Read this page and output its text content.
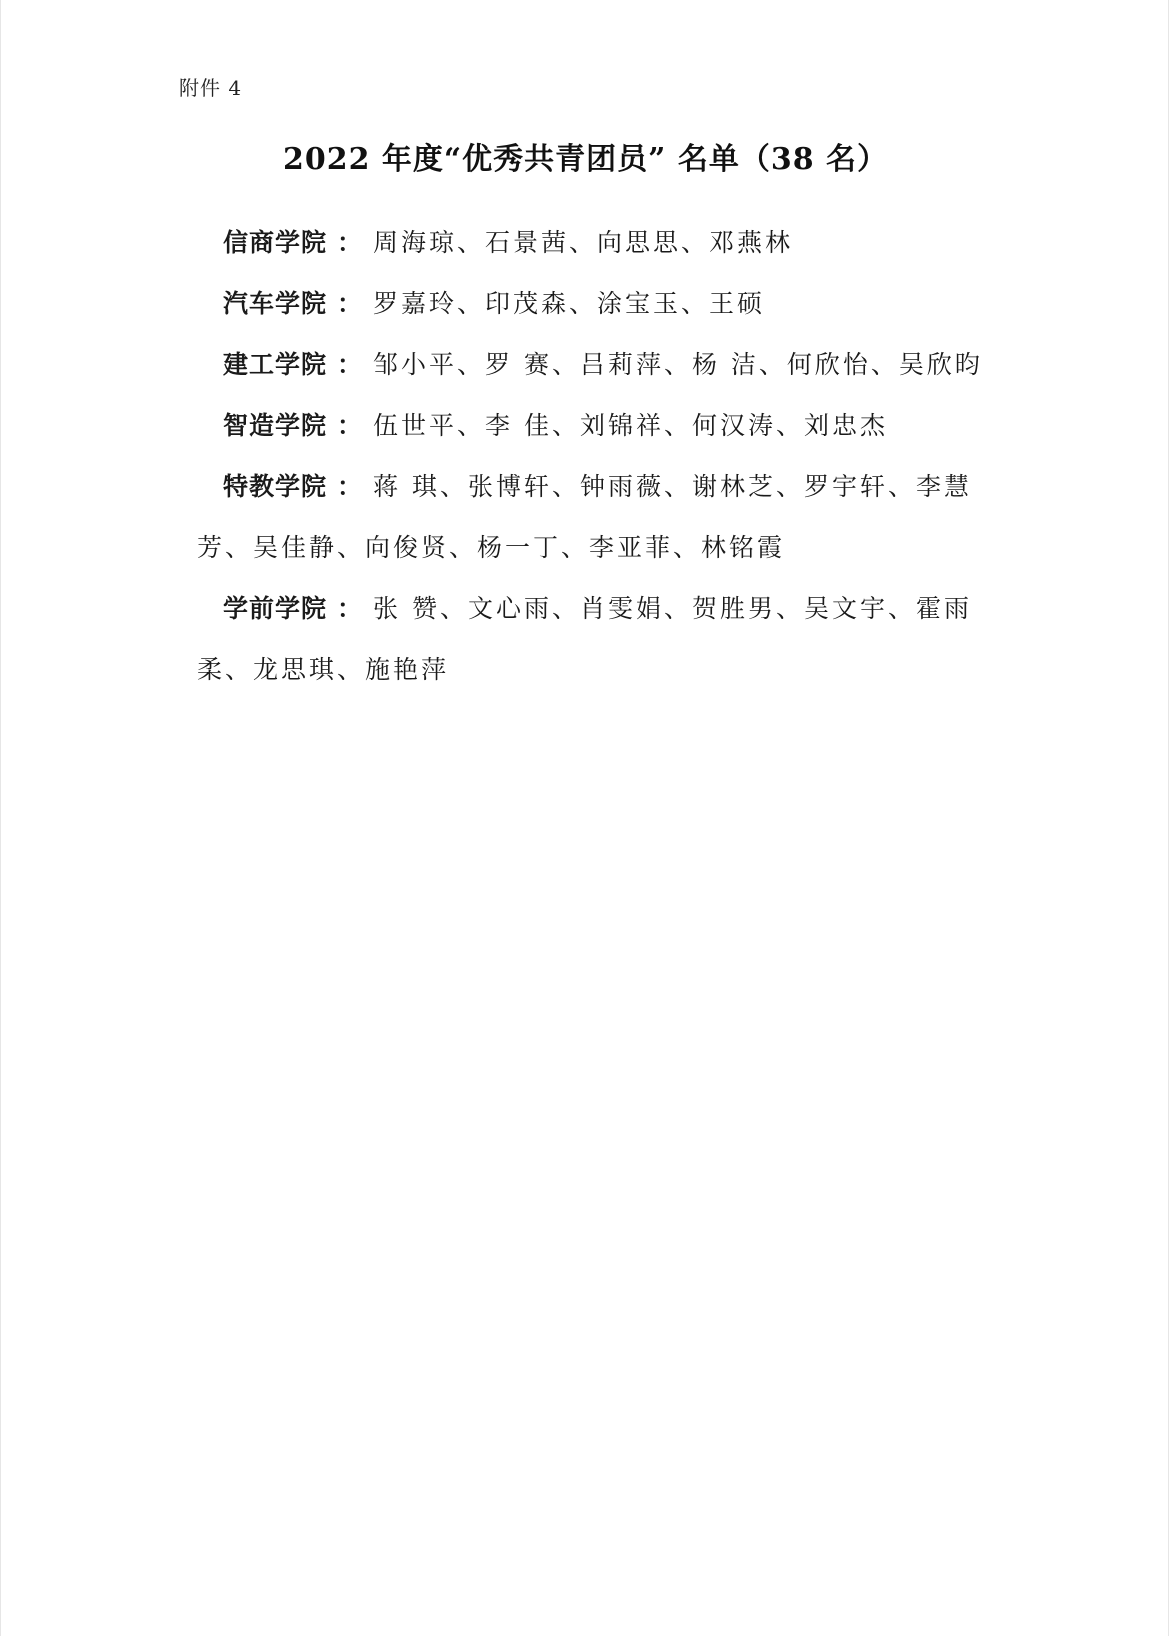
附件 4
2022 年度“优秀共青团员” 名单（38 名）
信商学院 ： 周海琼、石景茜、向思思、邓燕林
汽车学院 ： 罗嘉玲、印茂森、涂宝玉、王硕
建工学院 ： 邹小平、罗 赛、吕莉萍、杨 洁、何欣怡、吴欣昀
智造学院 ： 伍世平、李 佳、刘锦祥、何汉涛、刘忠杰
特教学院 ： 蒋 琪、张博轩、钟雨薇、谢林芝、罗宇轩、李慧芳、吴佳静、向俊贤、杨一丁、李亚菲、林铭霞
学前学院 ： 张 赞、文心雨、肖雯娟、贺胜男、吴文宇、霍雨柔、龙思琪、施艳萍
